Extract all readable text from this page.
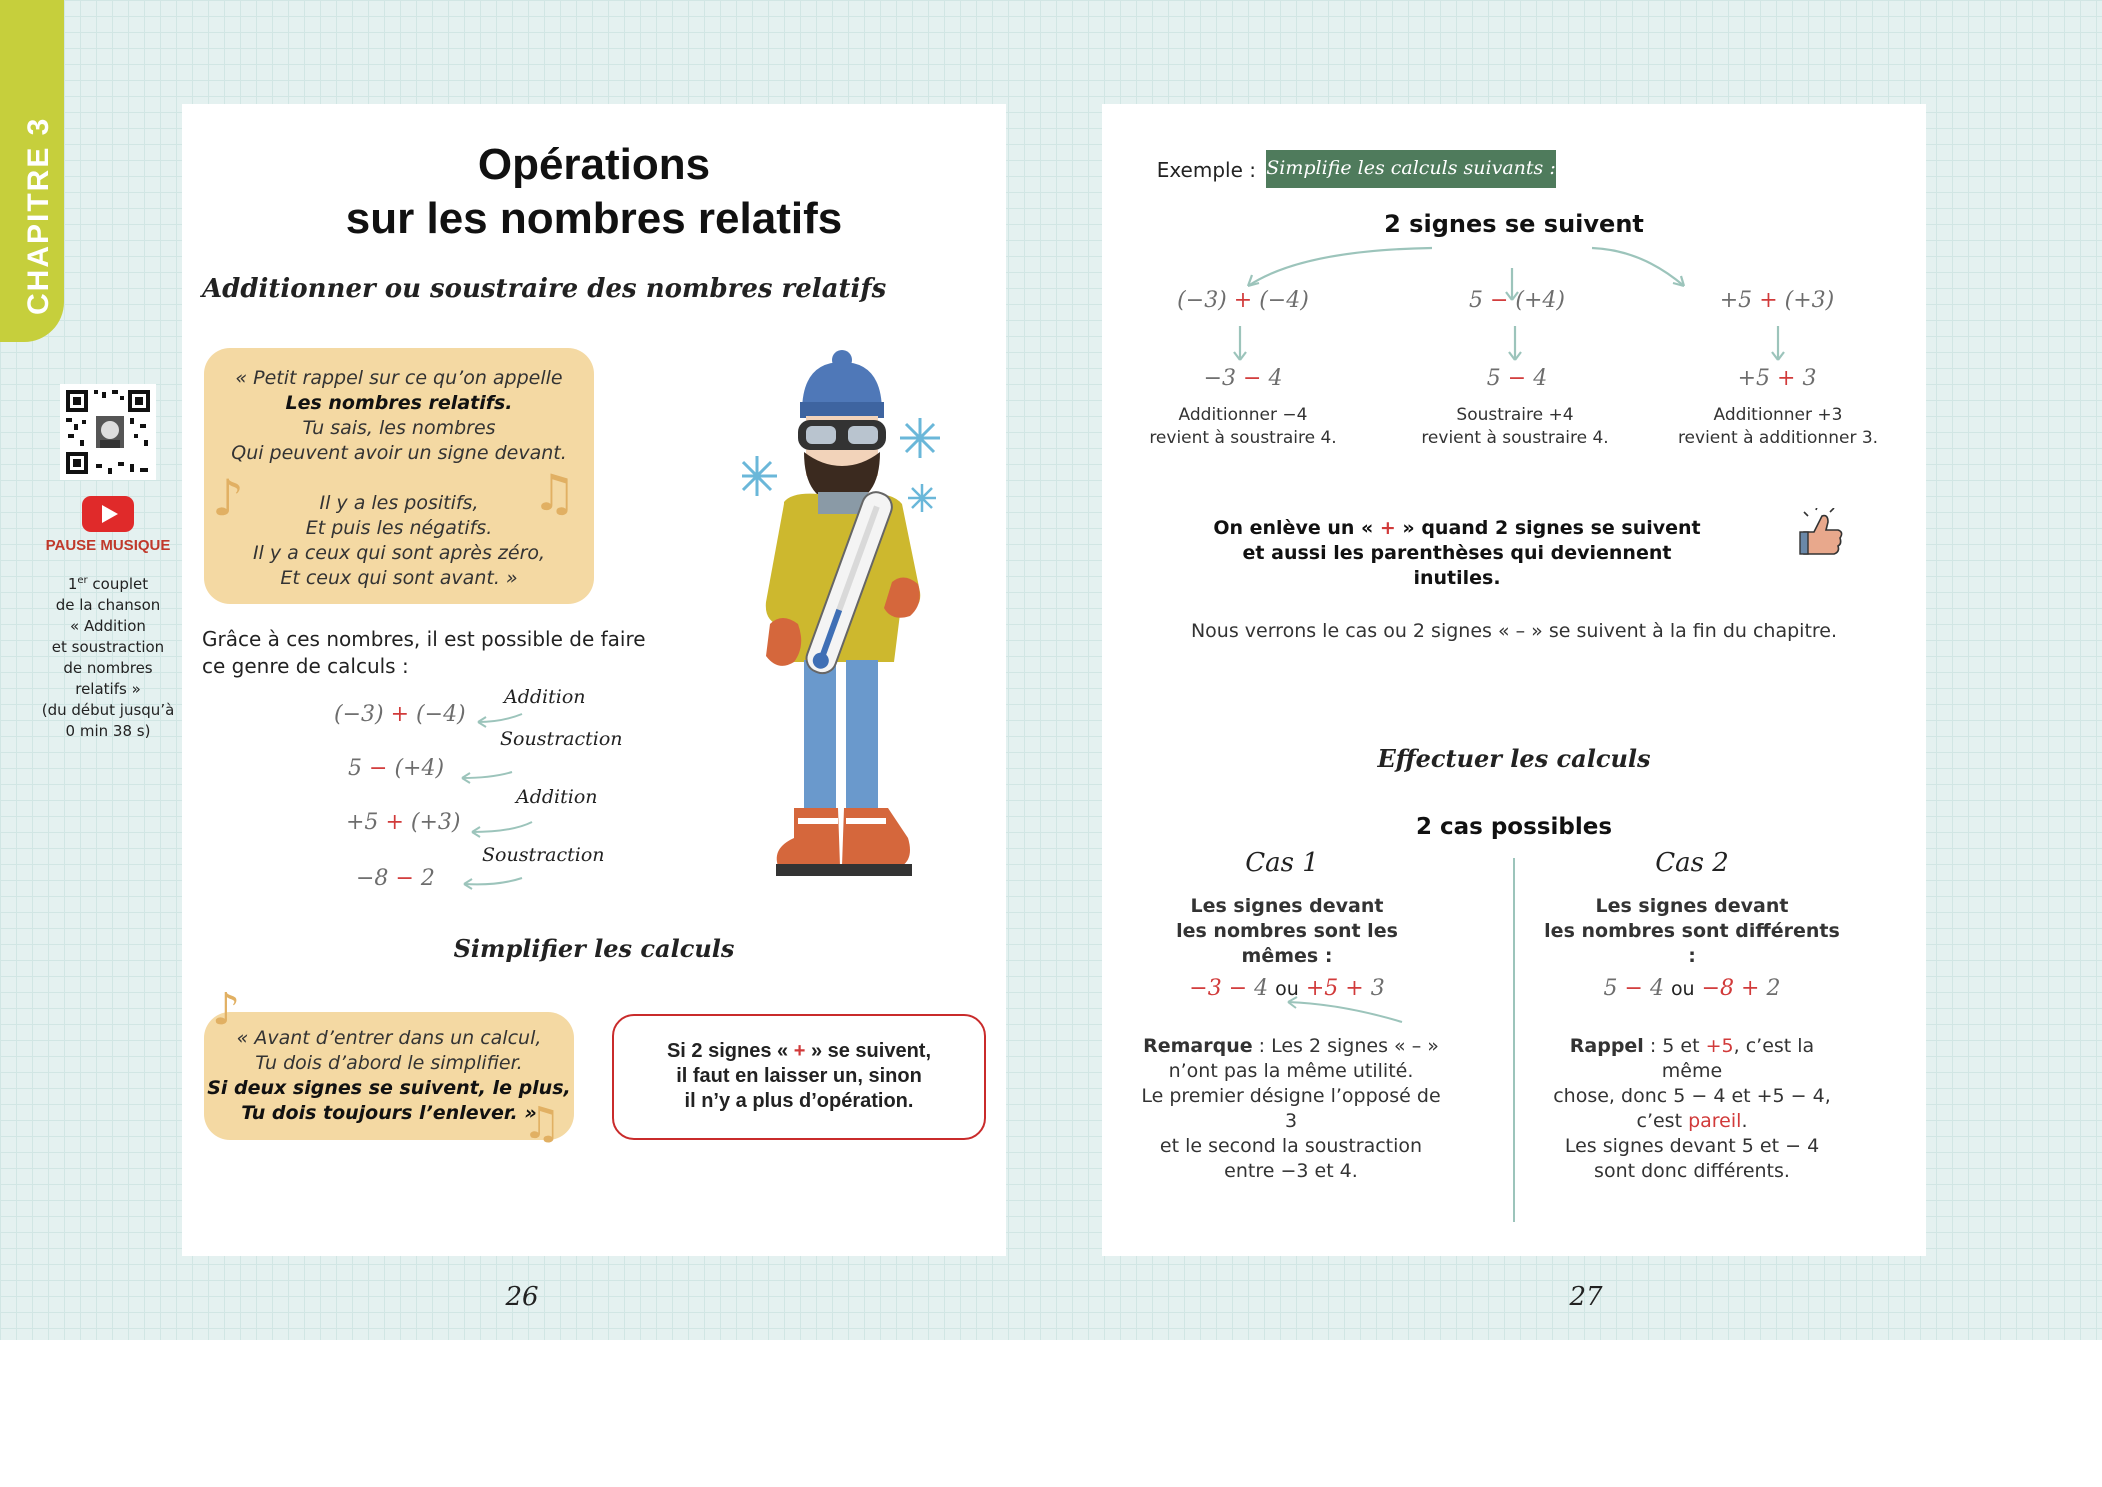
CHAPITRE 3
PAUSE MUSIQUE
1er couplet
de la chanson
« Addition
et soustraction
de nombres
relatifs »
(du début jusqu’à
0 min 38 s)
Opérations
sur les nombres relatifs
Additionner ou soustraire des nombres relatifs
« Petit rappel sur ce qu’on appelle
Les nombres relatifs.
Tu sais, les nombres
Qui peuvent avoir un signe devant.
Il y a les positifs,
Et puis les négatifs.
Il y a ceux qui sont après zéro,
Et ceux qui sont avant. »
♪	♫
Grâce à ces nombres, il est possible de faire
ce genre de calculs :
(−3) + (−4)
Addition
5 − (+4)
Soustraction
+5 + (+3)
Addition
−8 − 2
Soustraction
Simplifier les calculs
« Avant d’entrer dans un calcul,
Tu dois d’abord le simplifier.
Si deux signes se suivent, le plus,
Tu dois toujours l’enlever. »
♪
♫
Si 2 signes « + » se suivent,
il faut en laisser un, sinon
il n’y a plus d’opération.
26
Exemple : Simplifie les calculs suivants :
2 signes se suivent
(−3) + (−4)	5 − (+4)	+5 + (+3)
−3 − 4	5 − 4	+5 + 3
Additionner −4
revient à soustraire 4.
Soustraire +4
revient à soustraire 4.
Additionner +3
revient à additionner 3.
On enlève un « + » quand 2 signes se suivent
et aussi les parenthèses qui deviennent inutiles.
Nous verrons le cas ou 2 signes « – » se suivent à la fin du chapitre.
Effectuer les calculs
2 cas possibles
Cas 1
Les signes devant
les nombres sont les mêmes :
−3 − 4 ou +5 + 3
Remarque : Les 2 signes « – »
n’ont pas la même utilité.
Le premier désigne l’opposé de 3
et le second la soustraction
entre −3 et 4.
Cas 2
Les signes devant
les nombres sont différents :
5 − 4 ou −8 + 2
Rappel : 5 et +5, c’est la même
chose, donc 5 − 4 et +5 − 4,
c’est pareil.
Les signes devant 5 et − 4
sont donc différents.
27
